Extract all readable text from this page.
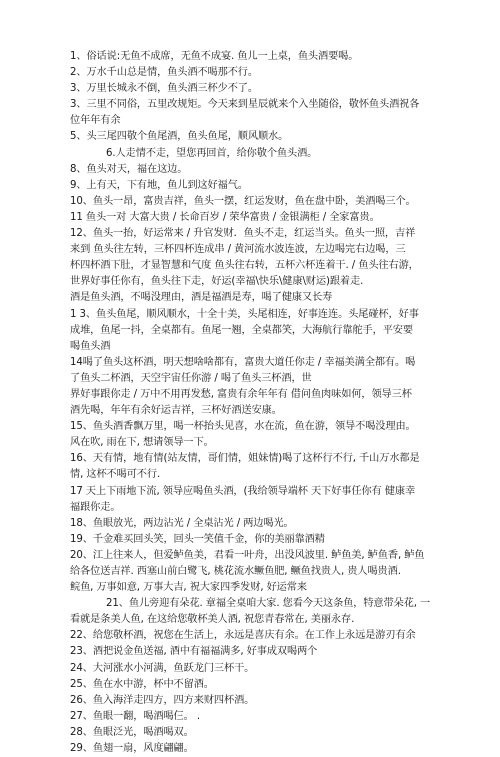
1、俗话说:无鱼不成席，无鱼不成宴. 鱼儿一上桌，鱼头酒要喝。
2、万水千山总是情，鱼头酒不喝那不行。
3、万里长城永不倒，鱼头酒三杯少不了。
3、三里不同俗，五里改规矩。今天来到星辰就来个入坐随俗，敬怀鱼头酒祝各
位年年有余
5、头三尾四敬个鱼尾酒，鱼头鱼尾，顺风顺水。
6.人走情不走，望您再回首，给你敬个鱼头酒。
8、鱼头对天，福在这边。
9、上有天，下有地，鱼儿到这好福气。
10、鱼头一昂，富贵吉祥，鱼头一摆，红运发财，鱼在盘中卧，美酒喝三个。
11 鱼头一对 大富大贵 / 长命百岁 / 荣华富贵 / 金银满柜 / 全家富贵。
12、鱼头一抬，好运常来 / 升官发财．鱼头不走，红运当头。鱼头一照，吉祥
来到 鱼头往左转，三杯四杯连成串 / 黄河流水波连波，左边喝完右边喝，三
杯四杯酒下肚，才显智慧和气度 鱼头往右转，五杯六杯连着干. / 鱼头往右游，
世界好事任你有，鱼头往下走，好运(幸福\快乐\健康\财运)跟着走.
酒是鱼头酒，不喝没理由，酒是福酒是寿，喝了健康又长寿
1 3、鱼头鱼尾，顺风顺水，十全十美，头尾相连，好事连连。头尾碰杯，好事
成堆，鱼尾一抖，全桌都有。鱼尾一翘，全桌都笑，大海航行靠舵手，平安要
喝鱼头酒
14喝了鱼头这杯酒，明天想啥啥都有，富贵大道任你走 / 幸福美满全都有。喝
了鱼头二杯酒，天空宇宙任你游 / 喝了鱼头三杯酒，世
界好事跟你走 / 万中不用再发愁, 富贵有余年年有 借问鱼肉味如何，领导三杯
酒先喝，年年有余好运吉祥，三杯好酒送安康。
15、鱼头酒香飘万里，喝一杯抬头见喜，水在流，鱼在游，领导不喝没理由。
风在吹, 雨在下, 想请领导一下。
16、天有情，地有情(站友情，哥们情，姐妹情)喝了这杯行不行, 千山万水都是
情, 这杯不喝可不行.
17 天上下雨地下流, 领导应喝鱼头酒，(我给领导端杯 天下好事任你有 健康幸
福跟你走。
18、鱼眼放光，两边沾光 / 全桌沾光 / 两边喝光。
19、千金难买回头笑，回头一笑值千金，你的美丽靠酒精
20、江上往来人，但爱鲈鱼美，君看一叶舟，出没风波里. 鲈鱼美, 鲈鱼香, 鲈鱼
给各位送吉祥. 西塞山前白鹭飞, 桃花流水鳜鱼肥, 鳜鱼找贵人, 贵人喝贵酒.
鲩鱼, 万事如意, 万事大吉, 祝大家四季发财, 好运常来
21、鱼儿旁迎有朵花. 章福全桌咱大家. 您看今天这条鱼，特意带朵花, 一
看就是条美人鱼, 在这给您敬杯美人酒, 祝您青春常在, 美丽永存.
22、给您敬杯酒，祝您在生活上，永远是喜庆有余。在工作上永远是游刃有余
23、酒把说金鱼送福, 酒中有福福满多, 好事成双喝两个
24、大河涨水小河满，鱼跃龙门三杯干。
25、鱼在水中游，杯中不留酒。
26、鱼入海洋走四方，四方来财四杯酒。
27、鱼眼一翻，喝酒喝仨。 .
28、鱼眼泛光，喝酒喝双。
29、鱼翅一扇，风度翩翩。
